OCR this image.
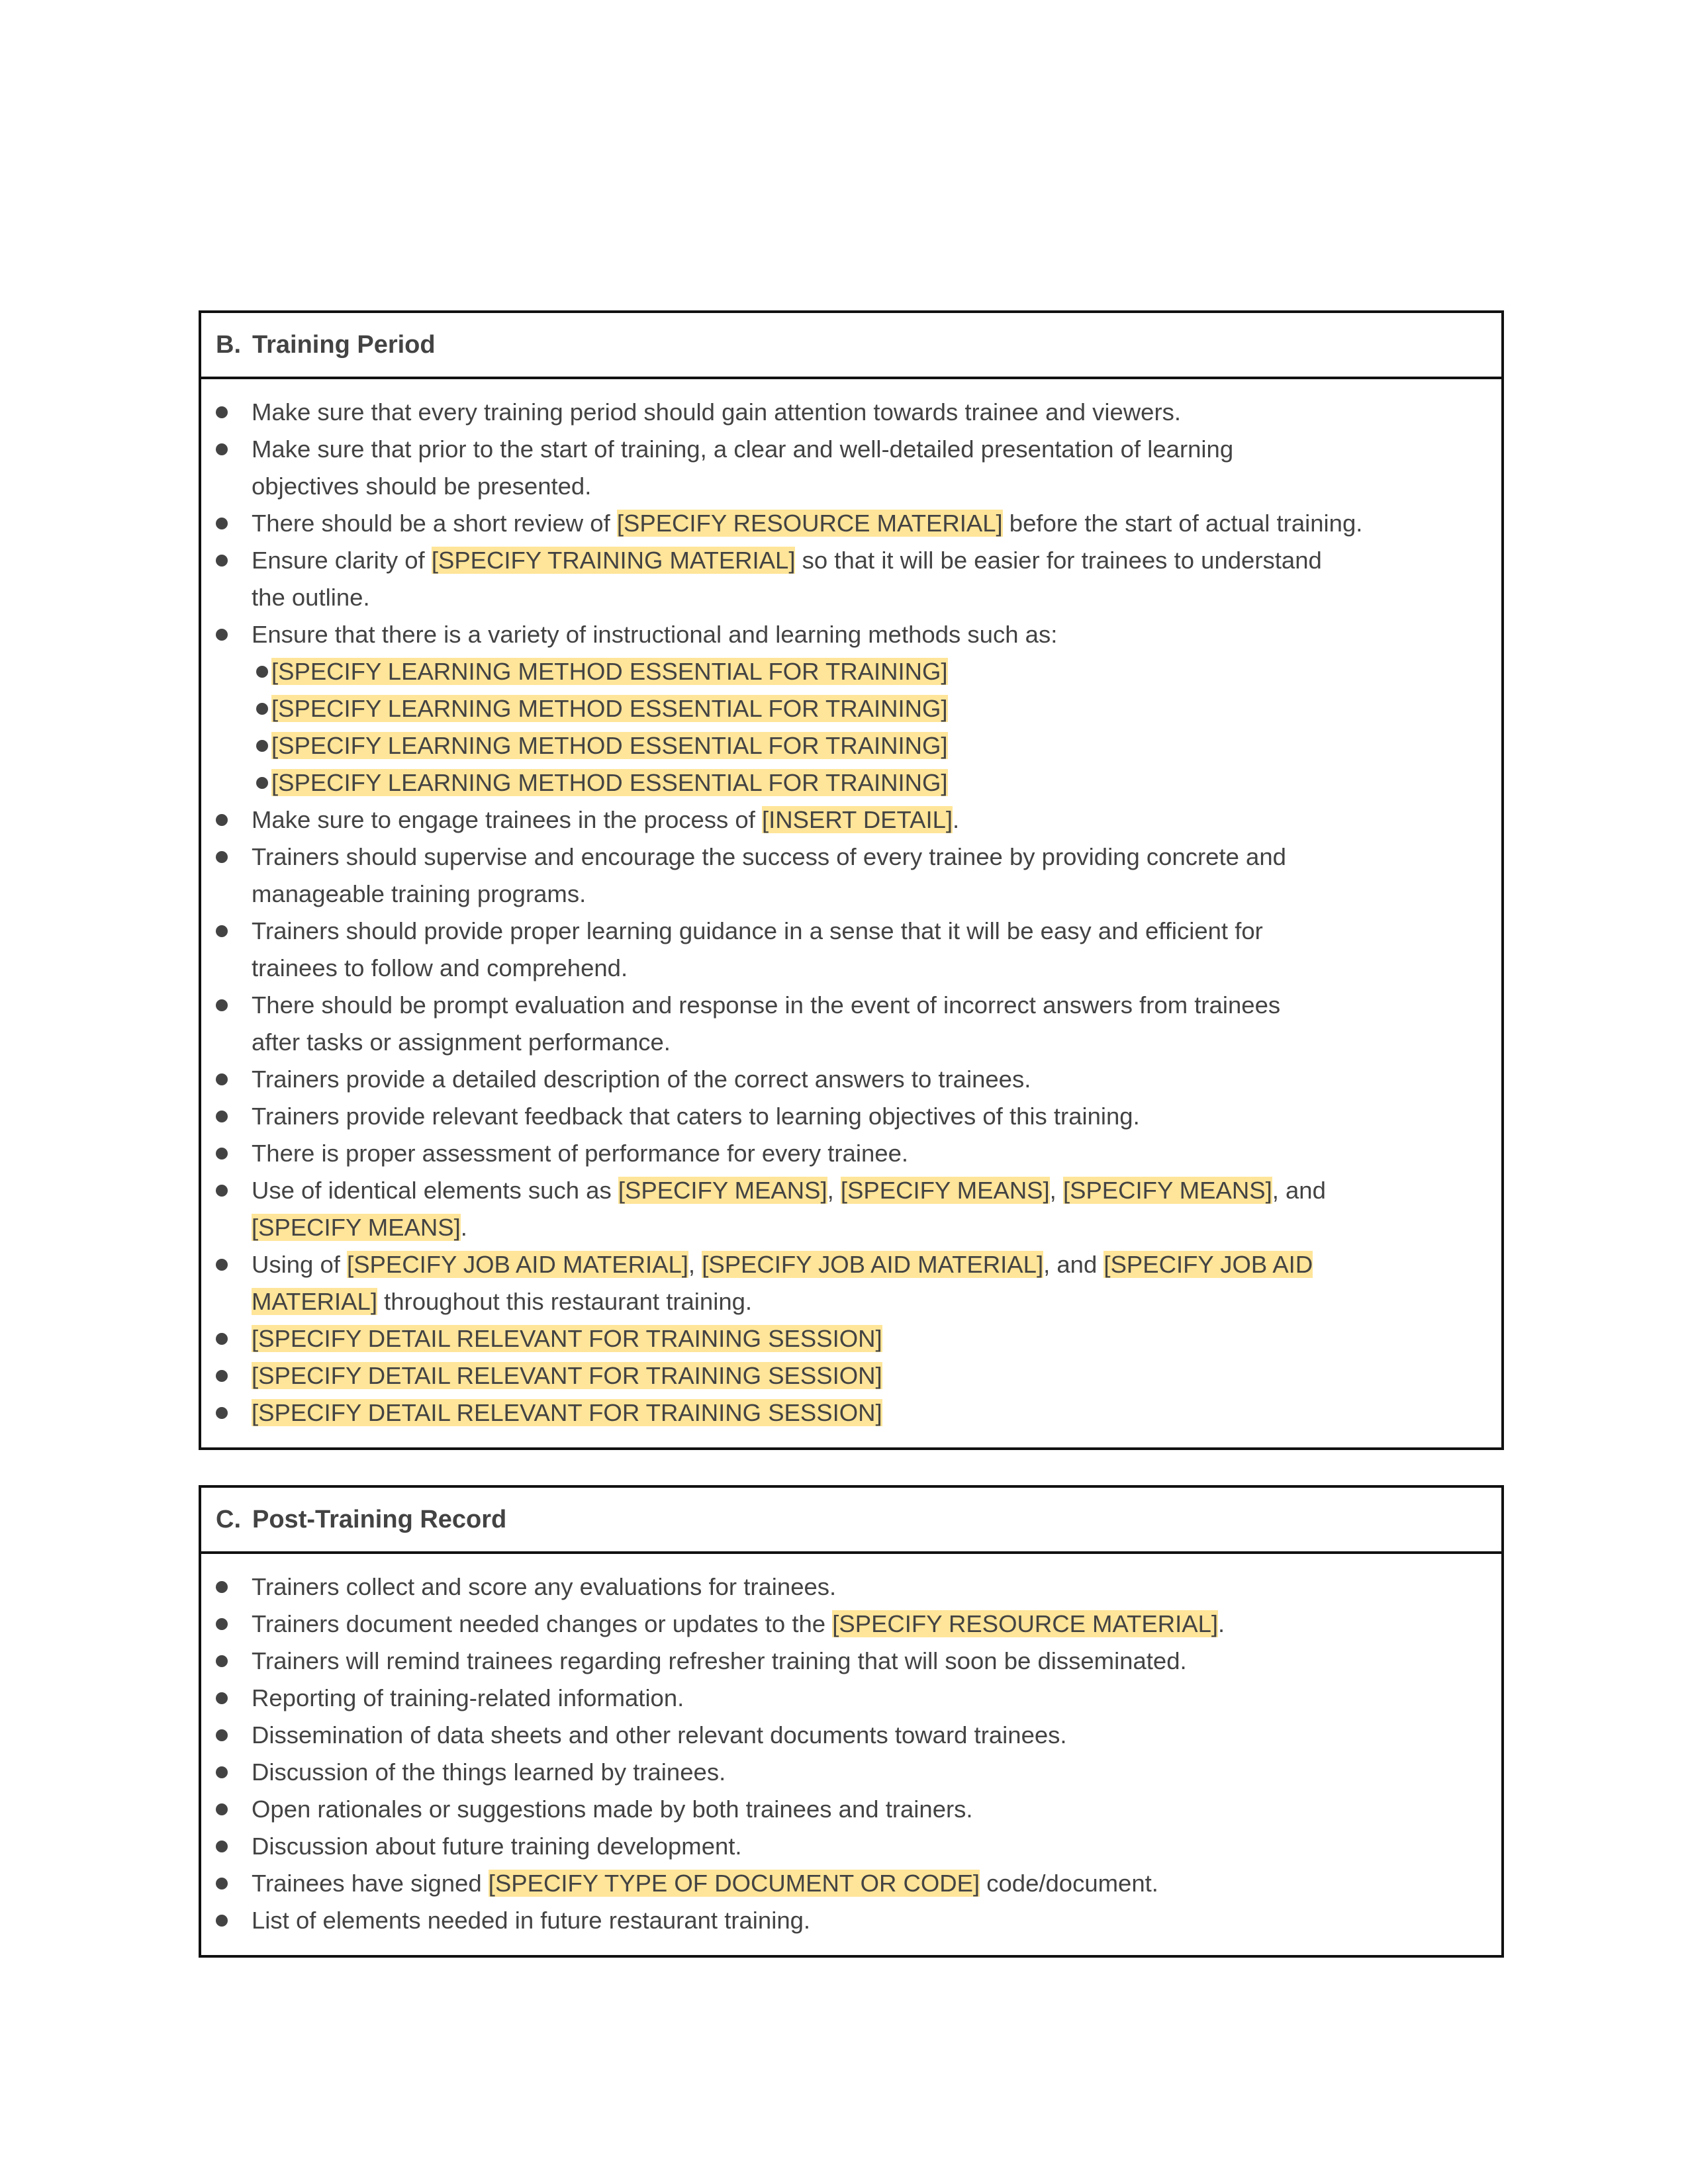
B. Training Period
Make sure that every training period should gain attention towards trainee and viewers.
Make sure that prior to the start of training, a clear and well-detailed presentation of learning
objectives should be presented.
There should be a short review of [SPECIFY RESOURCE MATERIAL] before the start of actual training.
Ensure clarity of [SPECIFY TRAINING MATERIAL] so that it will be easier for trainees to understand
the outline.
Ensure that there is a variety of instructional and learning methods such as:
[SPECIFY LEARNING METHOD ESSENTIAL FOR TRAINING]
[SPECIFY LEARNING METHOD ESSENTIAL FOR TRAINING]
[SPECIFY LEARNING METHOD ESSENTIAL FOR TRAINING]
[SPECIFY LEARNING METHOD ESSENTIAL FOR TRAINING]
Make sure to engage trainees in the process of [INSERT DETAIL].
Trainers should supervise and encourage the success of every trainee by providing concrete and
manageable training programs.
Trainers should provide proper learning guidance in a sense that it will be easy and efficient for
trainees to follow and comprehend.
There should be prompt evaluation and response in the event of incorrect answers from trainees
after tasks or assignment performance.
Trainers provide a detailed description of the correct answers to trainees.
Trainers provide relevant feedback that caters to learning objectives of this training.
There is proper assessment of performance for every trainee.
Use of identical elements such as [SPECIFY MEANS], [SPECIFY MEANS], [SPECIFY MEANS], and
[SPECIFY MEANS].
Using of [SPECIFY JOB AID MATERIAL], [SPECIFY JOB AID MATERIAL], and [SPECIFY JOB AID
MATERIAL] throughout this restaurant training.
[SPECIFY DETAIL RELEVANT FOR TRAINING SESSION]
[SPECIFY DETAIL RELEVANT FOR TRAINING SESSION]
[SPECIFY DETAIL RELEVANT FOR TRAINING SESSION]
C. Post-Training Record
Trainers collect and score any evaluations for trainees.
Trainers document needed changes or updates to the [SPECIFY RESOURCE MATERIAL].
Trainers will remind trainees regarding refresher training that will soon be disseminated.
Reporting of training-related information.
Dissemination of data sheets and other relevant documents toward trainees.
Discussion of the things learned by trainees.
Open rationales or suggestions made by both trainees and trainers.
Discussion about future training development.
Trainees have signed [SPECIFY TYPE OF DOCUMENT OR CODE] code/document.
List of elements needed in future restaurant training.
